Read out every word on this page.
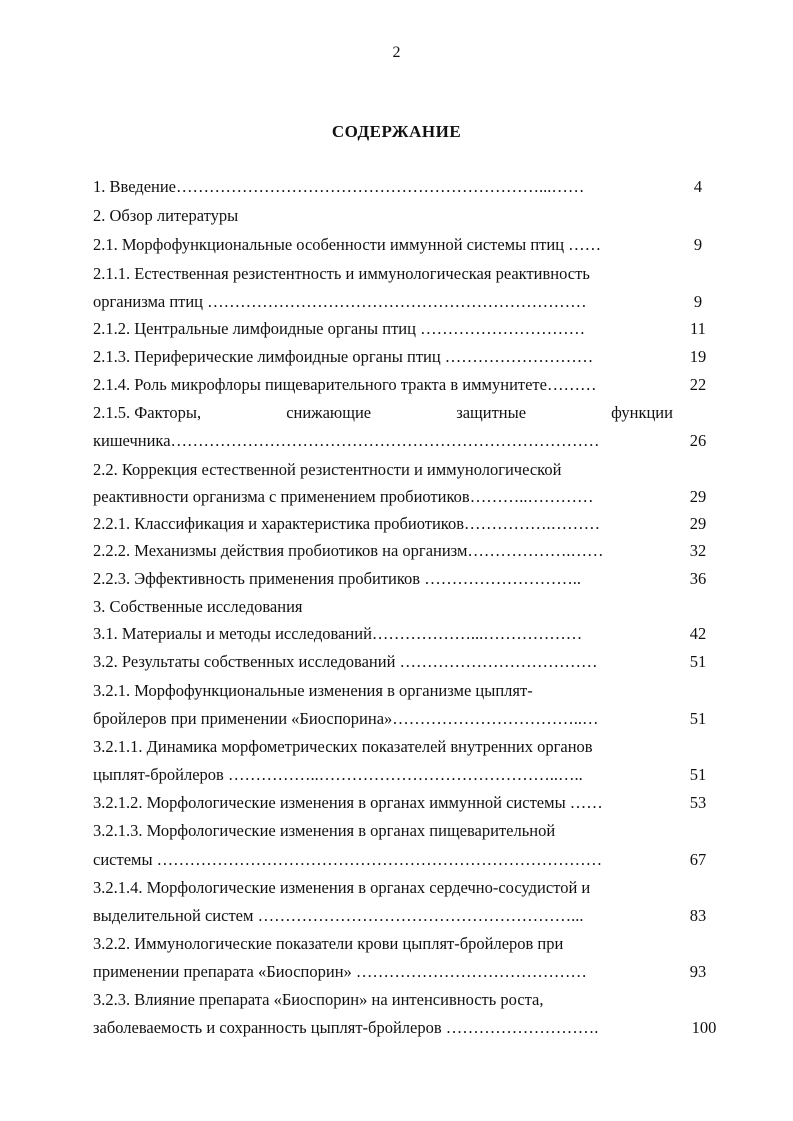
2
СОДЕРЖАНИЕ
1. Введение…………………………………………………………...……	4
2. Обзор литературы
2.1. Морфофункциональные особенности иммунной системы птиц ……	9
2.1.1. Естественная резистентность и иммунологическая реактивность
организма птиц ……………………………………………………………	9
2.1.2. Центральные лимфоидные органы птиц …………………………	11
2.1.3. Периферические лимфоидные органы птиц ………………………	19
2.1.4. Роль микрофлоры пищеварительного тракта в иммунитете………	22
2.1.5. Факторы,	снижающие	защитные	функции
кишечника……………………………………………………………………	26
2.2. Коррекция естественной резистентности и иммунологической
реактивности организма с применением пробиотиков………..…………	29
2.2.1. Классификация и характеристика пробиотиков…………….………	29
2.2.2. Механизмы действия пробиотиков на организм……………….……	32
2.2.3. Эффективность применения пробитиков ………………………..	36
3. Собственные исследования
3.1. Материалы и методы исследований………………...………………	42
3.2. Результаты собственных исследований ………………………………	51
3.2.1. Морфофункциональные изменения в организме цыплят-
бройлеров при применении «Биоспорина»……………………………..…	51
3.2.1.1. Динамика морфометрических показателей внутренних органов
цыплят-бройлеров ……………..……………………………………..…..	51
3.2.1.2. Морфологические изменения в органах иммунной системы ……	53
3.2.1.3. Морфологические изменения в органах пищеварительной
системы ………………………………………………………………………	67
3.2.1.4. Морфологические изменения в органах сердечно-сосудистой и
выделительной систем …………………………………………………...	83
3.2.2. Иммунологические показатели крови цыплят-бройлеров при
применении препарата «Биоспорин» ……………………………………	93
3.2.3. Влияние препарата «Биоспорин» на интенсивность роста,
заболеваемость и сохранность цыплят-бройлеров ……………………….	100
